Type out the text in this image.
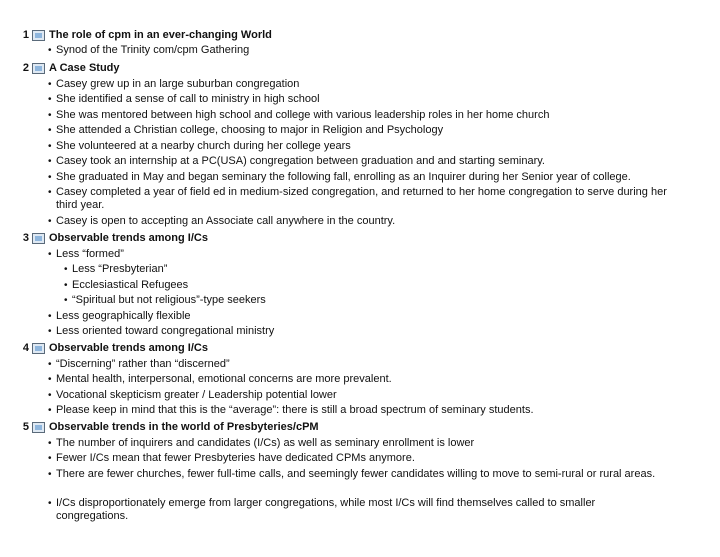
1 The role of cpm in an ever-changing World
• Synod of the Trinity com/cpm Gathering
2 A Case Study
• Casey grew up in an large suburban congregation
• She identified a sense of call to ministry in high school
• She was mentored between high school and college with various leadership roles in her home church
• She attended a Christian college, choosing to major in Religion and Psychology
• She volunteered at a nearby church during her college years
• Casey took an internship at a PC(USA) congregation between graduation and and starting seminary.
• She graduated in May and began seminary the following fall, enrolling as an Inquirer during her Senior year of college.
• Casey completed a year of field ed in medium-sized congregation, and returned to her home congregation to serve during her third year.
• Casey is open to accepting an Associate call anywhere in the country.
3 Observable trends among I/Cs
• Less “formed”
• Less “Presbyterian”
• Ecclesiastical Refugees
• “Spiritual but not religious”-type seekers
• Less geographically flexible
• Less oriented toward congregational ministry
4 Observable trends among I/Cs
• “Discerning” rather than “discerned”
• Mental health, interpersonal, emotional concerns are more prevalent.
• Vocational skepticism greater / Leadership potential lower
• Please keep in mind that this is the “average”: there is still a broad spectrum of seminary students.
5 Observable trends in the world of Presbyteries/cPM
• The number of inquirers and candidates (I/Cs) as well as seminary enrollment is lower
• Fewer I/Cs mean that fewer Presbyteries have dedicated CPMs anymore.
• There are fewer churches, fewer full-time calls, and seemingly fewer candidates willing to move to semi-rural or rural areas.
• I/Cs disproportionately emerge from larger congregations, while most I/Cs will find themselves called to smaller congregations.
